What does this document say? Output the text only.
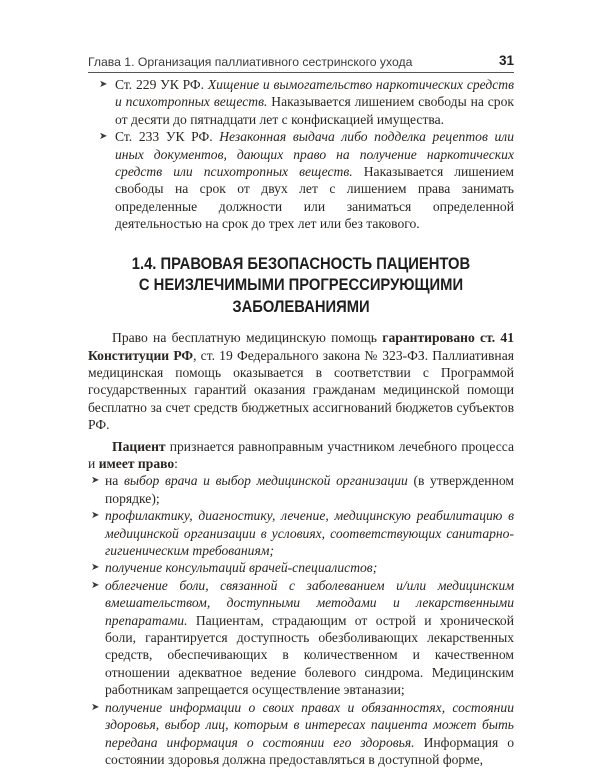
Глава 1. Организация паллиативного сестринского ухода	31
➤ Ст. 229 УК РФ. Хищение и вымогательство наркотических средств и психотропных веществ. Наказывается лишением свободы на срок от десяти до пятнадцати лет с конфискацией имущества.
➤ Ст. 233 УК РФ. Незаконная выдача либо подделка рецептов или иных документов, дающих право на получение наркотических средств или психотропных веществ. Наказывается лишением свободы на срок от двух лет с лишением права занимать определенные должности или заниматься определенной деятельностью на срок до трех лет или без такового.
1.4. ПРАВОВАЯ БЕЗОПАСНОСТЬ ПАЦИЕНТОВ
С НЕИЗЛЕЧИМЫМИ ПРОГРЕССИРУЮЩИМИ
ЗАБОЛЕВАНИЯМИ

Право на бесплатную медицинскую помощь гарантировано ст. 41 Конституции РФ, ст. 19 Федерального закона № 323-ФЗ. Паллиативная медицинская помощь оказывается в соответствии с Программой государственных гарантий оказания гражданам медицинской помощи бесплатно за счет средств бюджетных ассигнований бюджетов субъектов РФ.

Пациент признается равноправным участником лечебного процесса и имеет право:

➤ на выбор врача и выбор медицинской организации (в утвержденном порядке);
➤ профилактику, диагностику, лечение, медицинскую реабилитацию в медицинской организации в условиях, соответствующих санитарно-гигиеническим требованиям;
➤ получение консультаций врачей-специалистов;
➤ облегчение боли, связанной с заболеванием и/или медицинским вмешательством, доступными методами и лекарственными препаратами. Пациентам, страдающим от острой и хронической боли, гарантируется доступность обезболивающих лекарственных средств, обеспечивающих в количественном и качественном отношении адекватное ведение болевого синдрома. Медицинским работникам запрещается осуществление эвтаназии;
➤ получение информации о своих правах и обязанностях, состоянии здоровья, выбор лиц, которым в интересах пациента может быть передана информация о состоянии его здоровья. Информация о состоянии здоровья должна предоставляться в доступной форме,
